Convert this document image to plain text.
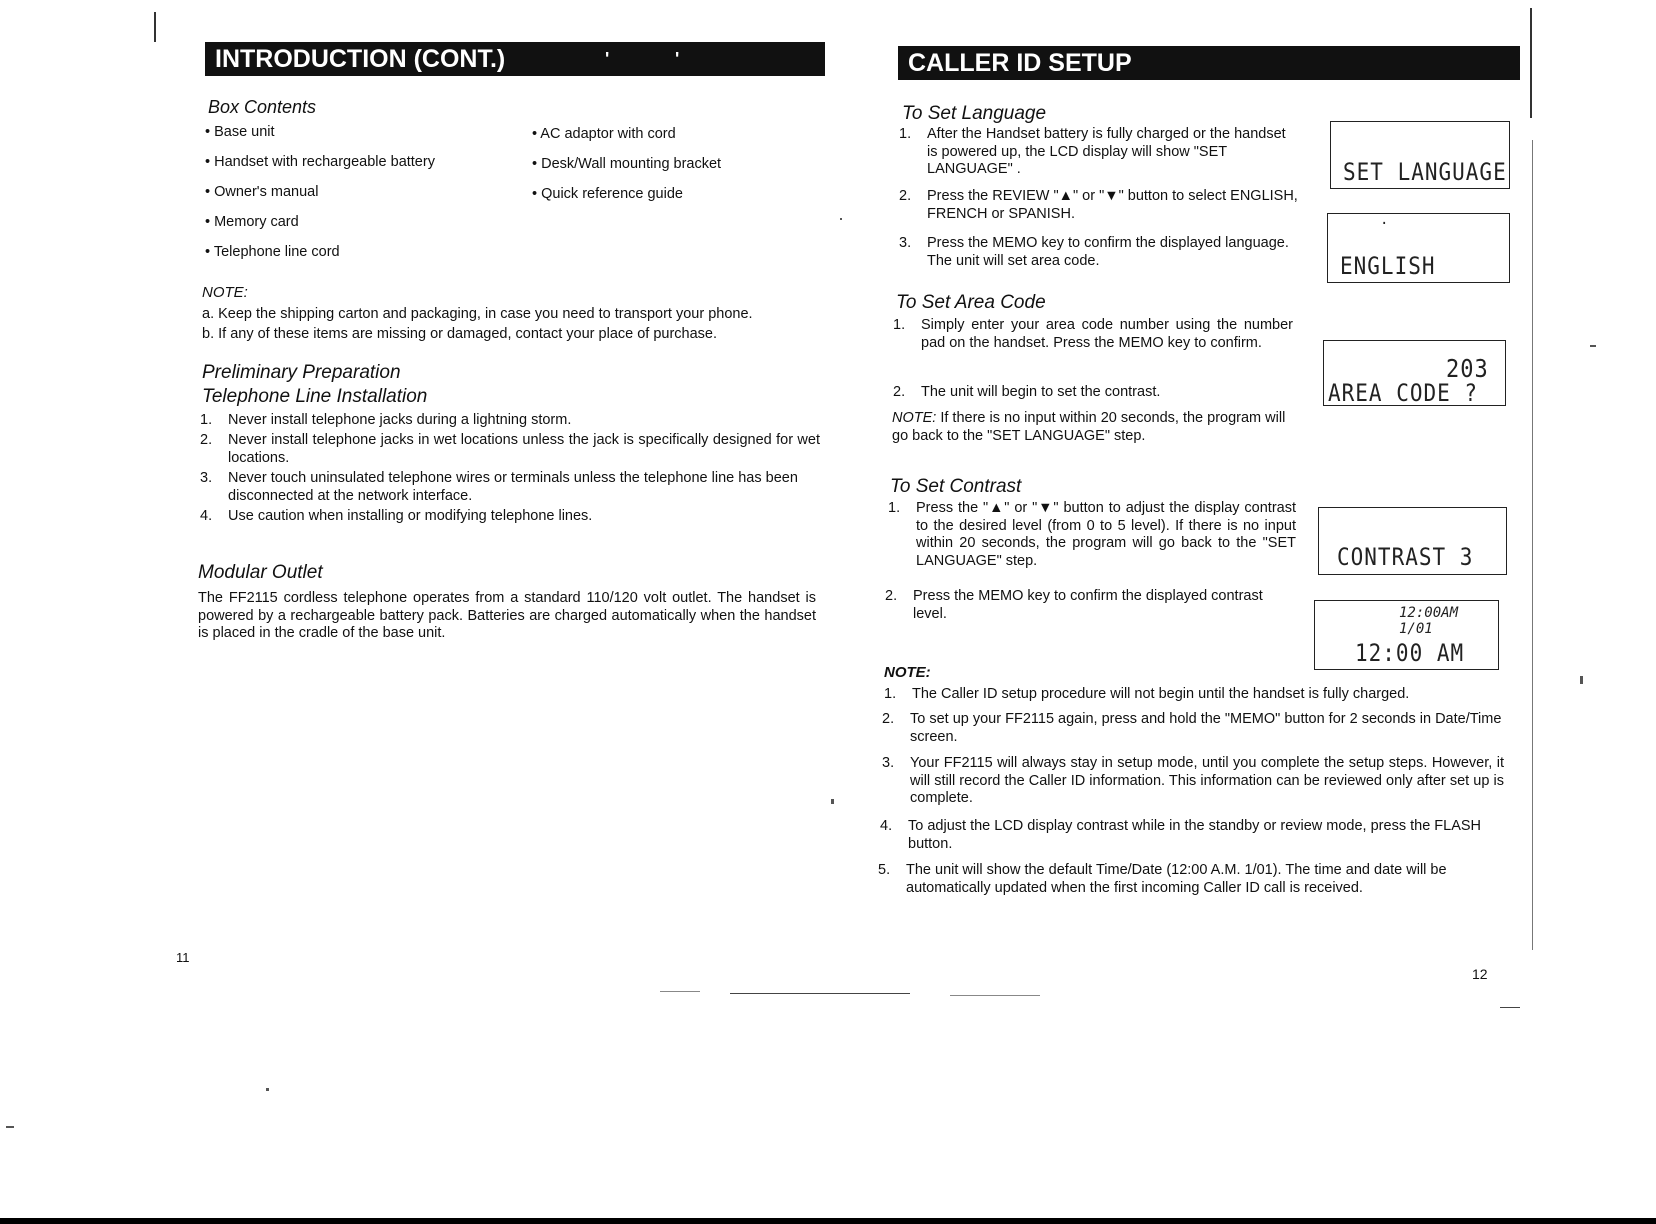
INTRODUCTION (CONT.)	'	'
Box Contents
• Base unit
• Handset with rechargeable battery
• Owner's manual
• Memory card
• Telephone line cord
• AC adaptor with cord
• Desk/Wall mounting bracket
• Quick reference guide
NOTE:
a. Keep the shipping carton and packaging, in case you need to transport your phone.
b. If any of these items are missing or damaged, contact your place of purchase.
Preliminary Preparation
Telephone Line Installation
1. Never install telephone jacks during a lightning storm.
2. Never install telephone jacks in wet locations unless the jack is specifically designed for wet locations.
3. Never touch uninsulated telephone wires or terminals unless the telephone line has been disconnected at the network interface.
4. Use caution when installing or modifying telephone lines.
Modular Outlet
The FF2115 cordless telephone operates from a standard 110/120 volt outlet. The handset is powered by a rechargeable battery pack. Batteries are charged automatically when the handset is placed in the cradle of the base unit.
11
CALLER ID SETUP
To Set Language
1. After the Handset battery is fully charged or the handset is powered up, the LCD display will show "SET LANGUAGE" .
2. Press the REVIEW "▲" or "▼" button to select ENGLISH, FRENCH or SPANISH.
3. Press the MEMO key to confirm the displayed language. The unit will set area code.
To Set Area Code
1. Simply enter your area code number using the number pad on the handset. Press the MEMO key to confirm.
2. The unit will begin to set the contrast.
NOTE: If there is no input within 20 seconds, the program will go back to the "SET LANGUAGE" step.
To Set Contrast
1. Press the "▲" or "▼" button to adjust the display contrast to the desired level (from 0 to 5 level). If there is no input within 20 seconds, the program will go back to the "SET LANGUAGE" step.
2. Press the MEMO key to confirm the displayed contrast level.
SET LANGUAGE
·
ENGLISH
203
AREA CODE ?
CONTRAST 3
12:00AM 1/01
12:00 AM
NOTE:
1. The Caller ID setup procedure will not begin until the handset is fully charged.
2. To set up your FF2115 again, press and hold the "MEMO" button for 2 seconds in Date/Time screen.
3. Your FF2115 will always stay in setup mode, until you complete the setup steps. However, it will still record the Caller ID information. This information can be reviewed only after set up is complete.
4. To adjust the LCD display contrast while in the standby or review mode, press the FLASH button.
5. The unit will show the default Time/Date (12:00 A.M. 1/01). The time and date will be automatically updated when the first incoming Caller ID call is received.
12
